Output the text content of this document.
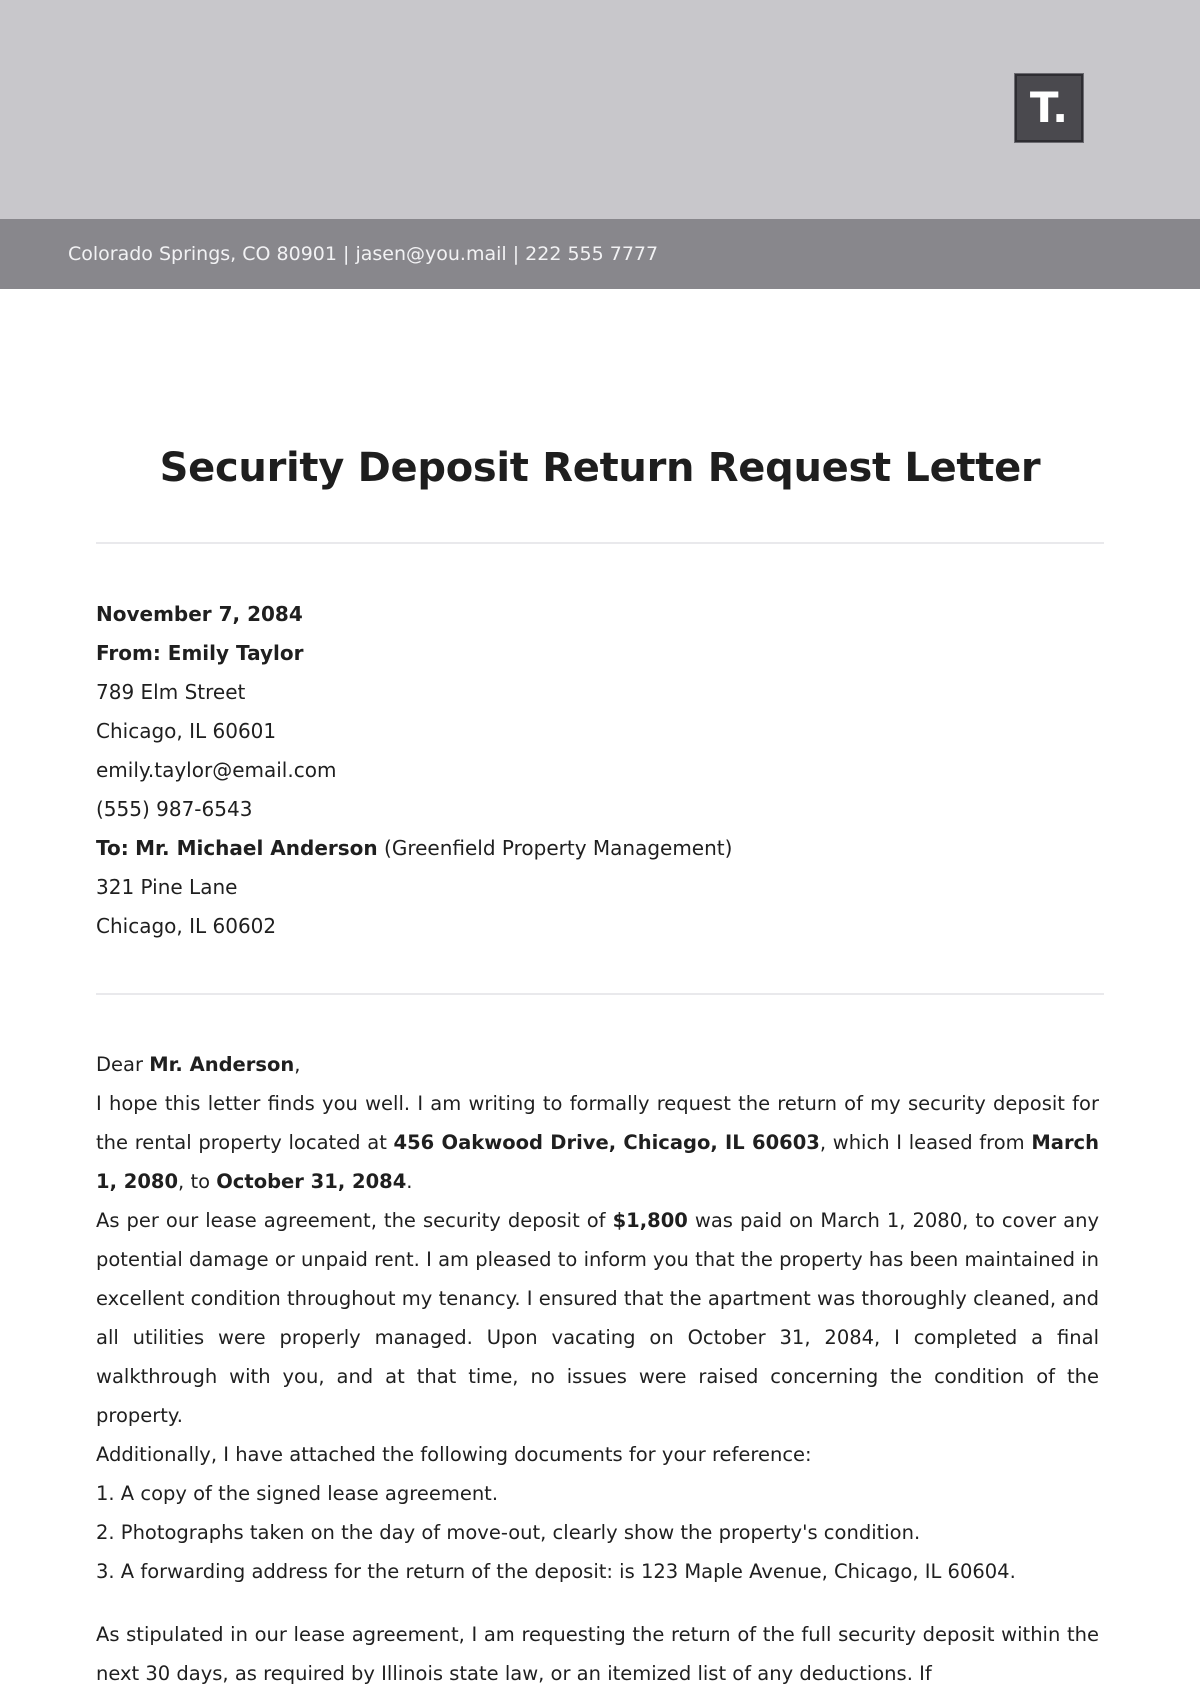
T.
Colorado Springs, CO 80901 | jasen@you.mail | 222 555 7777
Security Deposit Return Request Letter
November 7, 2084
From: Emily Taylor
789 Elm Street
Chicago, IL 60601
emily.taylor@email.com
(555) 987-6543
To: Mr. Michael Anderson (Greenfield Property Management)
321 Pine Lane
Chicago, IL 60602

Dear Mr. Anderson,

I hope this letter finds you well. I am writing to formally request the return of my security deposit for the rental property located at 456 Oakwood Drive, Chicago, IL 60603, which I leased from March 1, 2080, to October 31, 2084.

As per our lease agreement, the security deposit of $1,800 was paid on March 1, 2080, to cover any potential damage or unpaid rent. I am pleased to inform you that the property has been maintained in excellent condition throughout my tenancy. I ensured that the apartment was thoroughly cleaned, and all utilities were properly managed. Upon vacating on October 31, 2084, I completed a final walkthrough with you, and at that time, no issues were raised concerning the condition of the property.

Additionally, I have attached the following documents for your reference:

1. A copy of the signed lease agreement.
2. Photographs taken on the day of move-out, clearly show the property's condition.
3. A forwarding address for the return of the deposit: is 123 Maple Avenue, Chicago, IL 60604.

As stipulated in our lease agreement, I am requesting the return of the full security deposit within the next 30 days, as required by Illinois state law, or an itemized list of any deductions. If
